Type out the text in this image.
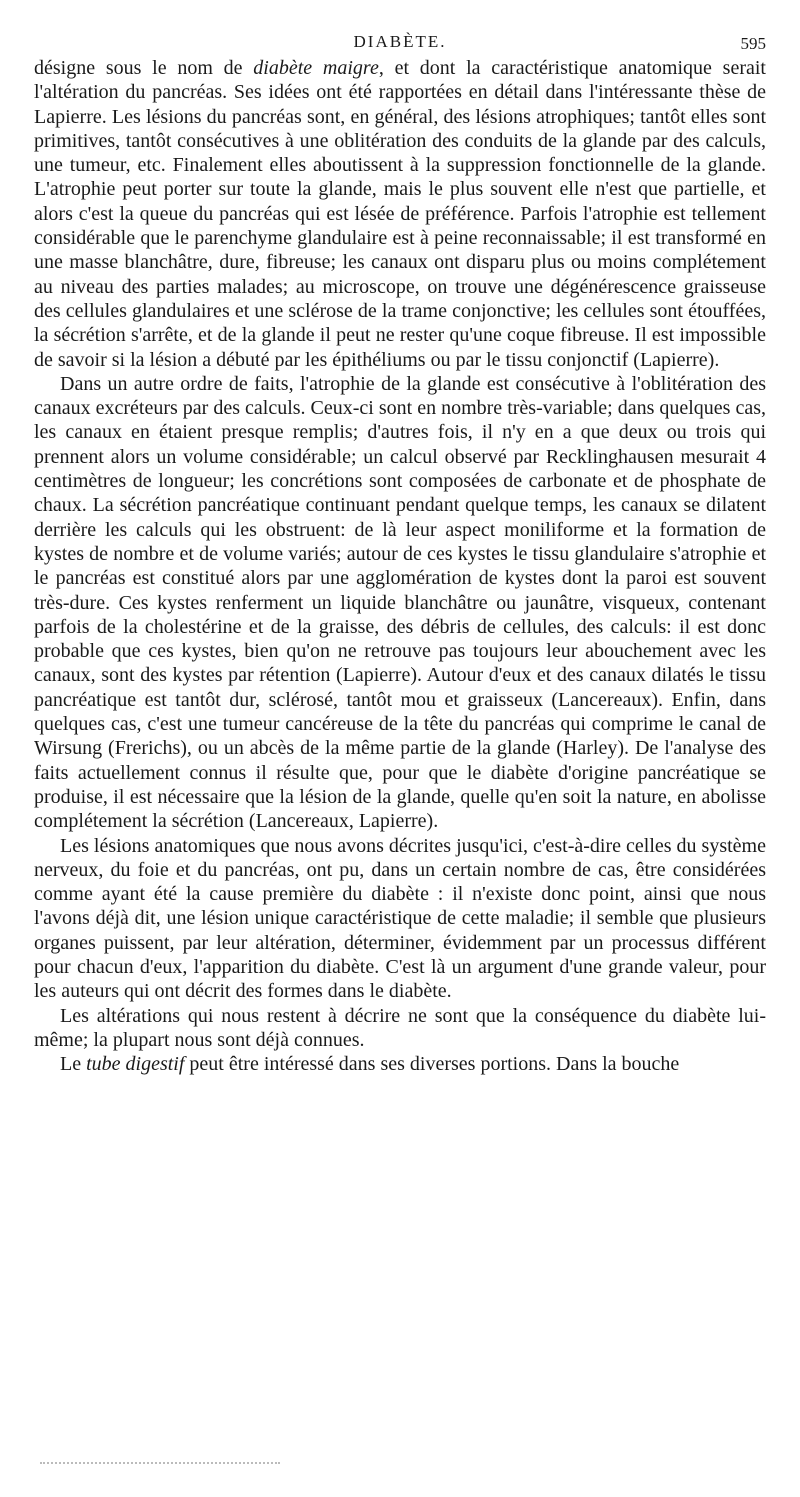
DIABÈTE.	595

désigne sous le nom de diabète maigre, et dont la caractéristique anatomique serait l'altération du pancréas. Ses idées ont été rapportées en détail dans l'intéressante thèse de Lapierre. Les lésions du pancréas sont, en général, des lésions atrophiques; tantôt elles sont primitives, tantôt consécutives à une oblitération des conduits de la glande par des calculs, une tumeur, etc. Finalement elles aboutissent à la suppression fonctionnelle de la glande. L'atrophie peut porter sur toute la glande, mais le plus souvent elle n'est que partielle, et alors c'est la queue du pancréas qui est lésée de préférence. Parfois l'atrophie est tellement considérable que le parenchyme glandulaire est à peine reconnaissable; il est transformé en une masse blanchâtre, dure, fibreuse; les canaux ont disparu plus ou moins complétement au niveau des parties malades; au microscope, on trouve une dégénérescence graisseuse des cellules glandulaires et une sclérose de la trame conjonctive; les cellules sont étouffées, la sécrétion s'arrête, et de la glande il peut ne rester qu'une coque fibreuse. Il est impossible de savoir si la lésion a débuté par les épithéliums ou par le tissu conjonctif (Lapierre).

Dans un autre ordre de faits, l'atrophie de la glande est consécutive à l'oblitération des canaux excréteurs par des calculs. Ceux-ci sont en nombre très-variable; dans quelques cas, les canaux en étaient presque remplis; d'autres fois, il n'y en a que deux ou trois qui prennent alors un volume considérable; un calcul observé par Recklinghausen mesurait 4 centimètres de longueur; les concrétions sont composées de carbonate et de phosphate de chaux. La sécrétion pancréatique continuant pendant quelque temps, les canaux se dilatent derrière les calculs qui les obstruent: de là leur aspect moniliforme et la formation de kystes de nombre et de volume variés; autour de ces kystes le tissu glandulaire s'atrophie et le pancréas est constitué alors par une agglomération de kystes dont la paroi est souvent très-dure. Ces kystes renferment un liquide blanchâtre ou jaunâtre, visqueux, contenant parfois de la cholestérine et de la graisse, des débris de cellules, des calculs: il est donc probable que ces kystes, bien qu'on ne retrouve pas toujours leur abouchement avec les canaux, sont des kystes par rétention (Lapierre). Autour d'eux et des canaux dilatés le tissu pancréatique est tantôt dur, sclérosé, tantôt mou et graisseux (Lancereaux). Enfin, dans quelques cas, c'est une tumeur cancéreuse de la tête du pancréas qui comprime le canal de Wirsung (Frerichs), ou un abcès de la même partie de la glande (Harley). De l'analyse des faits actuellement connus il résulte que, pour que le diabète d'origine pancréatique se produise, il est nécessaire que la lésion de la glande, quelle qu'en soit la nature, en abolisse complétement la sécrétion (Lancereaux, Lapierre).

Les lésions anatomiques que nous avons décrites jusqu'ici, c'est-à-dire celles du système nerveux, du foie et du pancréas, ont pu, dans un certain nombre de cas, être considérées comme ayant été la cause première du diabète : il n'existe donc point, ainsi que nous l'avons déjà dit, une lésion unique caractéristique de cette maladie; il semble que plusieurs organes puissent, par leur altération, déterminer, évidemment par un processus différent pour chacun d'eux, l'apparition du diabète. C'est là un argument d'une grande valeur, pour les auteurs qui ont décrit des formes dans le diabète.

Les altérations qui nous restent à décrire ne sont que la conséquence du diabète lui-même; la plupart nous sont déjà connues.

Le tube digestif peut être intéressé dans ses diverses portions. Dans la bouche
